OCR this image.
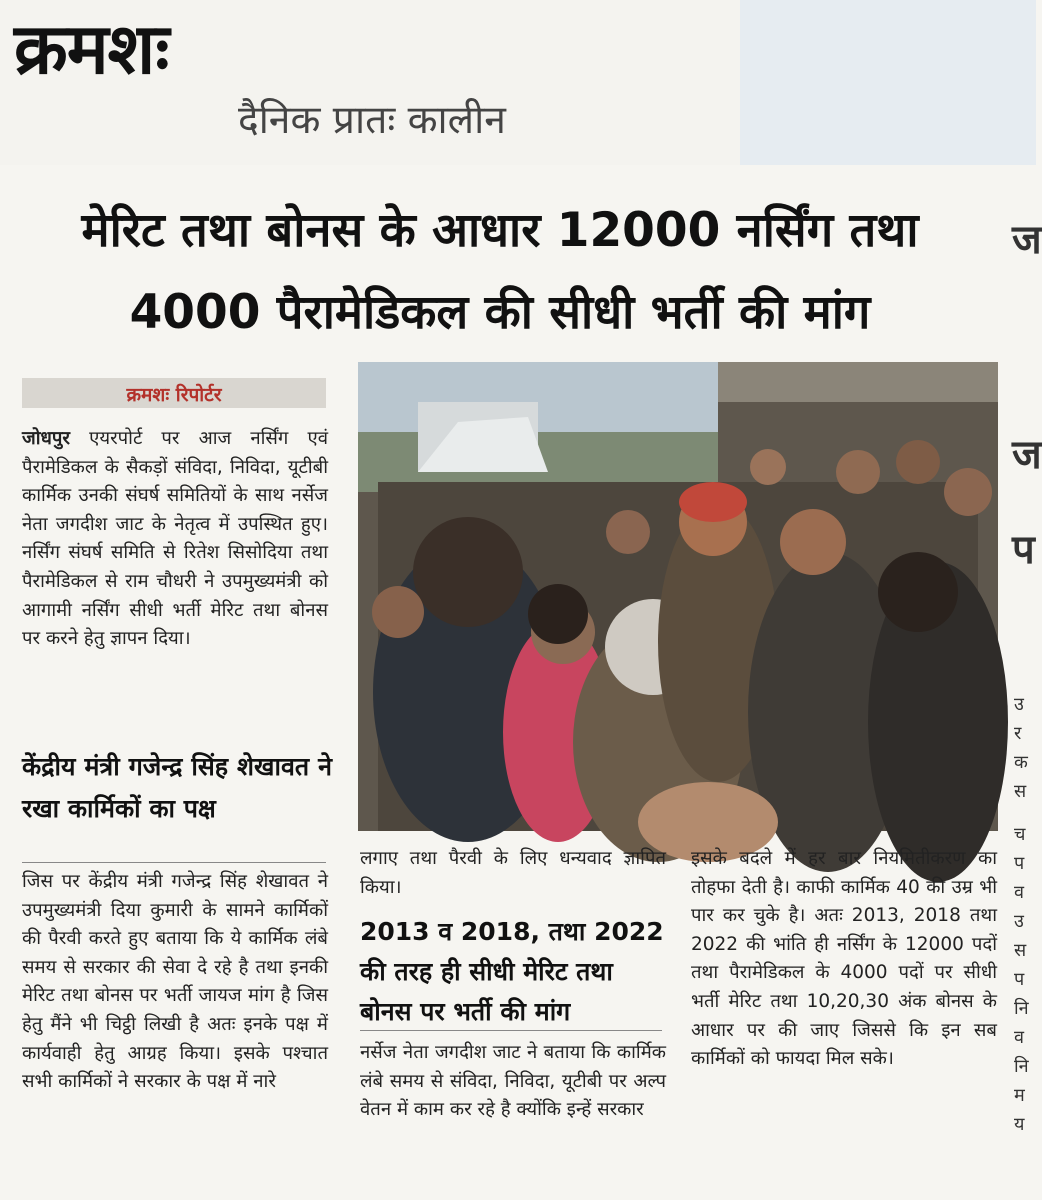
क्रमशः
दैनिक प्रातः कालीन
मेरिट तथा बोनस के आधार 12000 नर्सिंग तथा
4000 पैरामेडिकल की सीधी भर्ती की मांग
ज
ज
प
उ
र
क
स
च
प
व
उ
स
प
नि
व
नि
म
य
क्रमशः रिपोर्टर
जोधपुर एयरपोर्ट पर आज नर्सिंग एवं पैरामेडिकल के सैकड़ों संविदा, निविदा, यूटीबी कार्मिक उनकी संघर्ष समितियों के साथ नर्सेज नेता जगदीश जाट के नेतृत्व में उपस्थित हुए। नर्सिंग संघर्ष समिति से रितेश सिसोदिया तथा पैरामेडिकल से राम चौधरी ने उपमुख्यमंत्री को आगामी नर्सिंग सीधी भर्ती मेरिट तथा बोनस पर करने हेतु ज्ञापन दिया।
केंद्रीय मंत्री गजेन्द्र सिंह शेखावत ने रखा कार्मिकों का पक्ष
जिस पर केंद्रीय मंत्री गजेन्द्र सिंह शेखावत ने उपमुख्यमंत्री दिया कुमारी के सामने कार्मिकों की पैरवी करते हुए बताया कि ये कार्मिक लंबे समय से सरकार की सेवा दे रहे है तथा इनकी मेरिट तथा बोनस पर भर्ती जायज मांग है जिस हेतु मैंने भी चिट्ठी लिखी है अतः इनके पक्ष में कार्यवाही हेतु आग्रह किया। इसके पश्चात सभी कार्मिकों ने सरकार के पक्ष में नारे
लगाए तथा पैरवी के लिए धन्यवाद ज्ञापित किया।
2013 व 2018, तथा 2022 की तरह ही सीधी मेरिट तथा बोनस पर भर्ती की मांग
नर्सेज नेता जगदीश जाट ने बताया कि कार्मिक लंबे समय से संविदा, निविदा, यूटीबी पर अल्प वेतन में काम कर रहे है क्योंकि इन्हें सरकार
इसके बदले में हर बार नियमितीकरण का तोहफा देती है। काफी कार्मिक 40 की उम्र भी पार कर चुके है। अतः 2013, 2018 तथा 2022 की भांति ही नर्सिंग के 12000 पदों तथा पैरामेडिकल के 4000 पदों पर सीधी भर्ती मेरिट तथा 10,20,30 अंक बोनस के आधार पर की जाए जिससे कि इन सब कार्मिकों को फायदा मिल सके।
